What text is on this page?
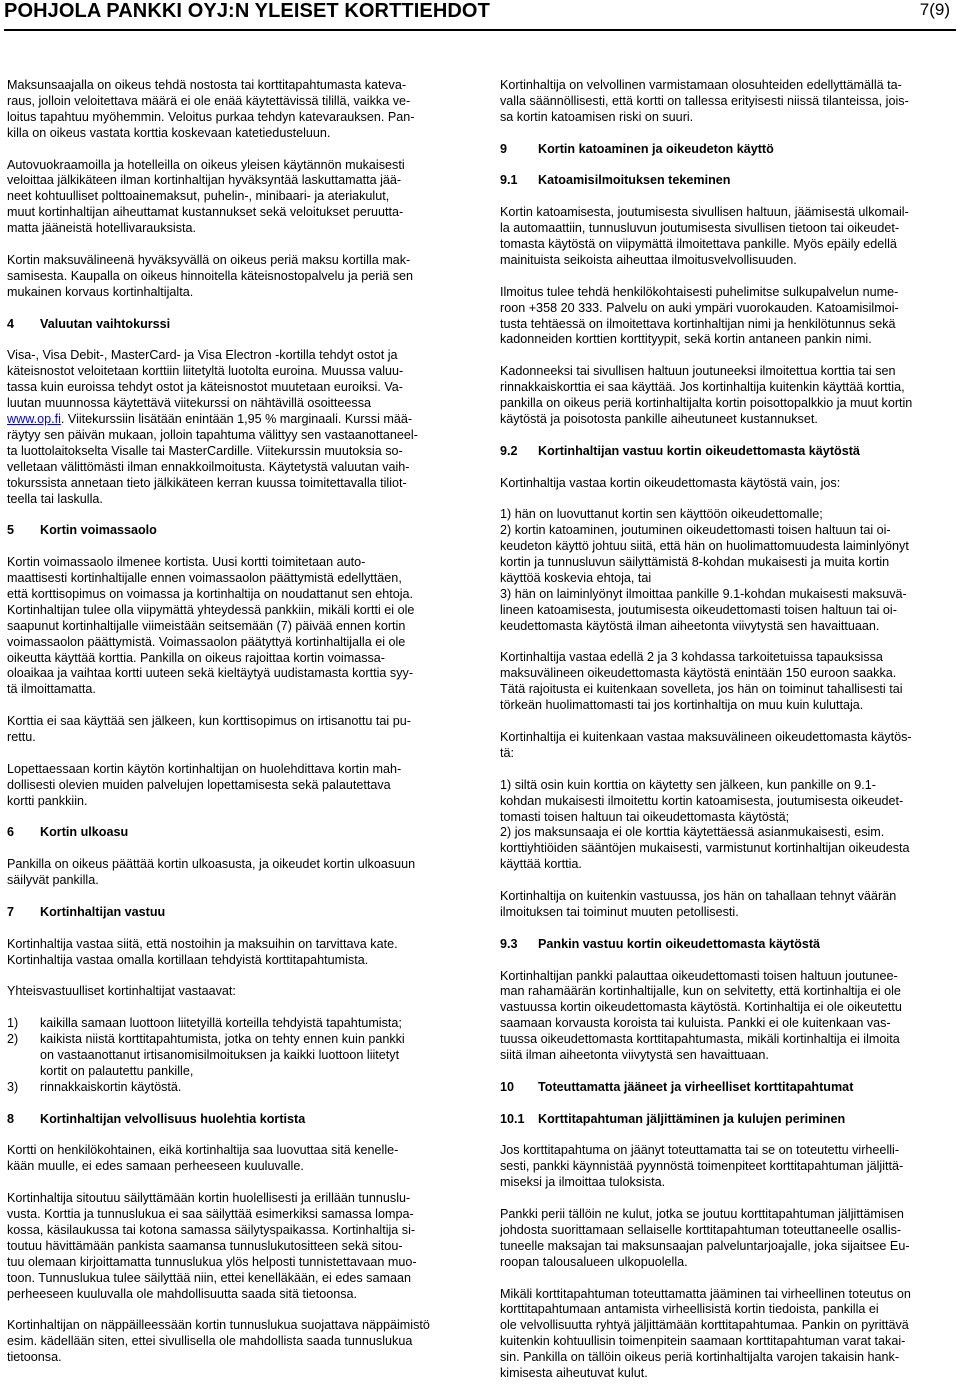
POHJOLA PANKKI OYJ:N YLEISET KORTTIEHDOT	7(9)

Maksunsaajalla on oikeus tehdä nostosta tai korttitapahtumasta kateva-
raus, jolloin veloitettava määrä ei ole enää käytettävissä tilillä, vaikka ve-
loitus tapahtuu myöhemmin. Veloitus purkaa tehdyn katevarauksen. Pan-
killa on oikeus vastata korttia koskevaan katetiedusteluun.

Autovuokraamoilla ja hotelleilla on oikeus yleisen käytännön mukaisesti
veloittaa jälkikäteen ilman kortinhaltijan hyväksyntää laskuttamatta jää-
neet kohtuulliset polttoainemaksut, puhelin-, minibaari- ja ateriakulut,
muut kortinhaltijan aiheuttamat kustannukset sekä veloitukset peruutta-
matta jääneistä hotellivarauksista.

Kortin maksuvälineenä hyväksyvällä on oikeus periä maksu kortilla mak-
samisesta. Kaupalla on oikeus hinnoitella käteisnostopalvelu ja periä sen
mukainen korvaus kortinhaltijalta.

4 Valuutan vaihtokurssi

Visa-, Visa Debit-, MasterCard- ja Visa Electron -kortilla tehdyt ostot ja
käteisnostot veloitetaan korttiin liitetyltä luotolta euroina. Muussa valuu-
tassa kuin euroissa tehdyt ostot ja käteisnostot muutetaan euroiksi. Va-
luutan muunnossa käytettävä viitekurssi on nähtävillä osoitteessa
www.op.fi. Viitekurssiin lisätään enintään 1,95 % marginaali. Kurssi mää-
räytyy sen päivän mukaan, jolloin tapahtuma välittyy sen vastaanottaneel-
ta luottolaitokselta Visalle tai MasterCardille. Viitekurssin muutoksia so-
velletaan välittömästi ilman ennakkoilmoitusta. Käytetystä valuutan vaih-
tokurssista annetaan tieto jälkikäteen kerran kuussa toimitettavalla tiliot-
teella tai laskulla.

5 Kortin voimassaolo

Kortin voimassaolo ilmenee kortista. Uusi kortti toimitetaan auto-
maattisesti kortinhaltijalle ennen voimassaolon päättymistä edellyttäen,
että korttisopimus on voimassa ja kortinhaltija on noudattanut sen ehtoja.
Kortinhaltijan tulee olla viipymättä yhteydessä pankkiin, mikäli kortti ei ole
saapunut kortinhaltijalle viimeistään seitsemään (7) päivää ennen kortin
voimassaolon päättymistä. Voimassaolon päätyttyä kortinhaltijalla ei ole
oikeutta käyttää korttia. Pankilla on oikeus rajoittaa kortin voimassa-
oloaikaa ja vaihtaa kortti uuteen sekä kieltäytyä uudistamasta korttia syy-
tä ilmoittamatta.

Korttia ei saa käyttää sen jälkeen, kun korttisopimus on irtisanottu tai pu-
rettu.

Lopettaessaan kortin käytön kortinhaltijan on huolehdittava kortin mah-
dollisesti olevien muiden palvelujen lopettamisesta sekä palautettava
kortti pankkiin.

6 Kortin ulkoasu

Pankilla on oikeus päättää kortin ulkoasusta, ja oikeudet kortin ulkoasuun
säilyvät pankilla.

7 Kortinhaltijan vastuu

Kortinhaltija vastaa siitä, että nostoihin ja maksuihin on tarvittava kate.
Kortinhaltija vastaa omalla kortillaan tehdyistä korttitapahtumista.

Yhteisvastuulliset kortinhaltijat vastaavat:

1)	kaikilla samaan luottoon liitetyillä korteilla tehdyistä tapahtumista;
2)	kaikista niistä korttitapahtumista, jotka on tehty ennen kuin pankki
on vastaanottanut irtisanomisilmoituksen ja kaikki luottoon liitetyt
kortit on palautettu pankille,
3)	rinnakkaiskortin käytöstä.
8 Kortinhaltijan velvollisuus huolehtia kortista

Kortti on henkilökohtainen, eikä kortinhaltija saa luovuttaa sitä kenelle-
kään muulle, ei edes samaan perheeseen kuuluvalle.

Kortinhaltija sitoutuu säilyttämään kortin huolellisesti ja erillään tunnuslu-
vusta. Korttia ja tunnuslukua ei saa säilyttää esimerkiksi samassa lompa-
kossa, käsilaukussa tai kotona samassa säilytyspaikassa. Kortinhaltija si-
toutuu hävittämään pankista saamansa tunnuslukutositteen sekä sitou-
tuu olemaan kirjoittamatta tunnuslukua ylös helposti tunnistettavaan muo-
toon. Tunnuslukua tulee säilyttää niin, ettei kenelläkään, ei edes samaan
perheeseen kuuluvalla ole mahdollisuutta saada sitä tietoonsa.

Kortinhaltijan on näppäilleessään kortin tunnuslukua suojattava näppäimistö
esim. kädellään siten, ettei sivullisella ole mahdollista saada tunnuslukua
tietoonsa.

Kortinhaltija on velvollinen varmistamaan olosuhteiden edellyttämällä ta-
valla säännöllisesti, että kortti on tallessa erityisesti niissä tilanteissa, jois-
sa kortin katoamisen riski on suuri.

9 Kortin katoaminen ja oikeudeton käyttö
9.1 Katoamisilmoituksen tekeminen

Kortin katoamisesta, joutumisesta sivullisen haltuun, jäämisestä ulkomail-
la automaattiin, tunnusluvun joutumisesta sivullisen tietoon tai oikeudet-
tomasta käytöstä on viipymättä ilmoitettava pankille. Myös epäily edellä
mainituista seikoista aiheuttaa ilmoitusvelvollisuuden.

Ilmoitus tulee tehdä henkilökohtaisesti puhelimitse sulkupalvelun nume-
roon +358 20 333. Palvelu on auki ympäri vuorokauden. Katoamisilmoi-
tusta tehtäessä on ilmoitettava kortinhaltijan nimi ja henkilötunnus sekä
kadonneiden korttien korttityypit, sekä kortin antaneen pankin nimi.

Kadonneeksi tai sivullisen haltuun joutuneeksi ilmoitettua korttia tai sen
rinnakkaiskorttia ei saa käyttää. Jos kortinhaltija kuitenkin käyttää korttia,
pankilla on oikeus periä kortinhaltijalta kortin poisottopalkkio ja muut kortin
käytöstä ja poisotosta pankille aiheutuneet kustannukset.

9.2 Kortinhaltijan vastuu kortin oikeudettomasta käytöstä

Kortinhaltija vastaa kortin oikeudettomasta käytöstä vain, jos:

1) hän on luovuttanut kortin sen käyttöön oikeudettomalle;
2) kortin katoaminen, joutuminen oikeudettomasti toisen haltuun tai oi-
keudeton käyttö johtuu siitä, että hän on huolimattomuudesta laiminlyönyt
kortin ja tunnusluvun säilyttämistä 8-kohdan mukaisesti ja muita kortin
käyttöä koskevia ehtoja, tai
3) hän on laiminlyönyt ilmoittaa pankille 9.1-kohdan mukaisesti maksuvä-
lineen katoamisesta, joutumisesta oikeudettomasti toisen haltuun tai oi-
keudettomasta käytöstä ilman aiheetonta viivytystä sen havaittuaan.

Kortinhaltija vastaa edellä 2 ja 3 kohdassa tarkoitetuissa tapauksissa
maksuvälineen oikeudettomasta käytöstä enintään 150 euroon saakka.
Tätä rajoitusta ei kuitenkaan sovelleta, jos hän on toiminut tahallisesti tai
törkeän huolimattomasti tai jos kortinhaltija on muu kuin kuluttaja.

Kortinhaltija ei kuitenkaan vastaa maksuvälineen oikeudettomasta käytös-
tä:

1) siltä osin kuin korttia on käytetty sen jälkeen, kun pankille on 9.1-
kohdan mukaisesti ilmoitettu kortin katoamisesta, joutumisesta oikeudet-
tomasti toisen haltuun tai oikeudettomasta käytöstä;
2) jos maksunsaaja ei ole korttia käytettäessä asianmukaisesti, esim.
korttiyhtiöiden sääntöjen mukaisesti, varmistunut kortinhaltijan oikeudesta
käyttää korttia.

Kortinhaltija on kuitenkin vastuussa, jos hän on tahallaan tehnyt väärän
ilmoituksen tai toiminut muuten petollisesti.

9.3 Pankin vastuu kortin oikeudettomasta käytöstä

Kortinhaltijan pankki palauttaa oikeudettomasti toisen haltuun joutunee-
man rahamäärän kortinhaltijalle, kun on selvitetty, että kortinhaltija ei ole
vastuussa kortin oikeudettomasta käytöstä. Kortinhaltija ei ole oikeutettu
saamaan korvausta koroista tai kuluista. Pankki ei ole kuitenkaan vas-
tuussa oikeudettomasta korttitapahtumasta, mikäli kortinhaltija ei ilmoita
siitä ilman aiheetonta viivytystä sen havaittuaan.

10 Toteuttamatta jääneet ja virheelliset korttitapahtumat
10.1 Korttitapahtuman jäljittäminen ja kulujen periminen

Jos korttitapahtuma on jäänyt toteuttamatta tai se on toteutettu virheelli-
sesti, pankki käynnistää pyynnöstä toimenpiteet korttitapahtuman jäljittä-
miseksi ja ilmoittaa tuloksista.

Pankki perii tällöin ne kulut, jotka se joutuu korttitapahtuman jäljittämisen
johdosta suorittamaan sellaiselle korttitapahtuman toteuttaneelle osallis-
tuneelle maksajan tai maksunsaajan palveluntarjoajalle, joka sijaitsee Eu-
roopan talousalueen ulkopuolella.

Mikäli korttitapahtuman toteuttamatta jääminen tai virheellinen toteutus on
korttitapahtumaan antamista virheellisistä kortin tiedoista, pankilla ei
ole velvollisuutta ryhtyä jäljittämään korttitapahtumaa. Pankin on pyrittävä
kuitenkin kohtuullisin toimenpitein saamaan korttitapahtuman varat takai-
sin. Pankilla on tällöin oikeus periä kortinhaltijalta varojen takaisin hank-
kimisesta aiheutuvat kulut.
